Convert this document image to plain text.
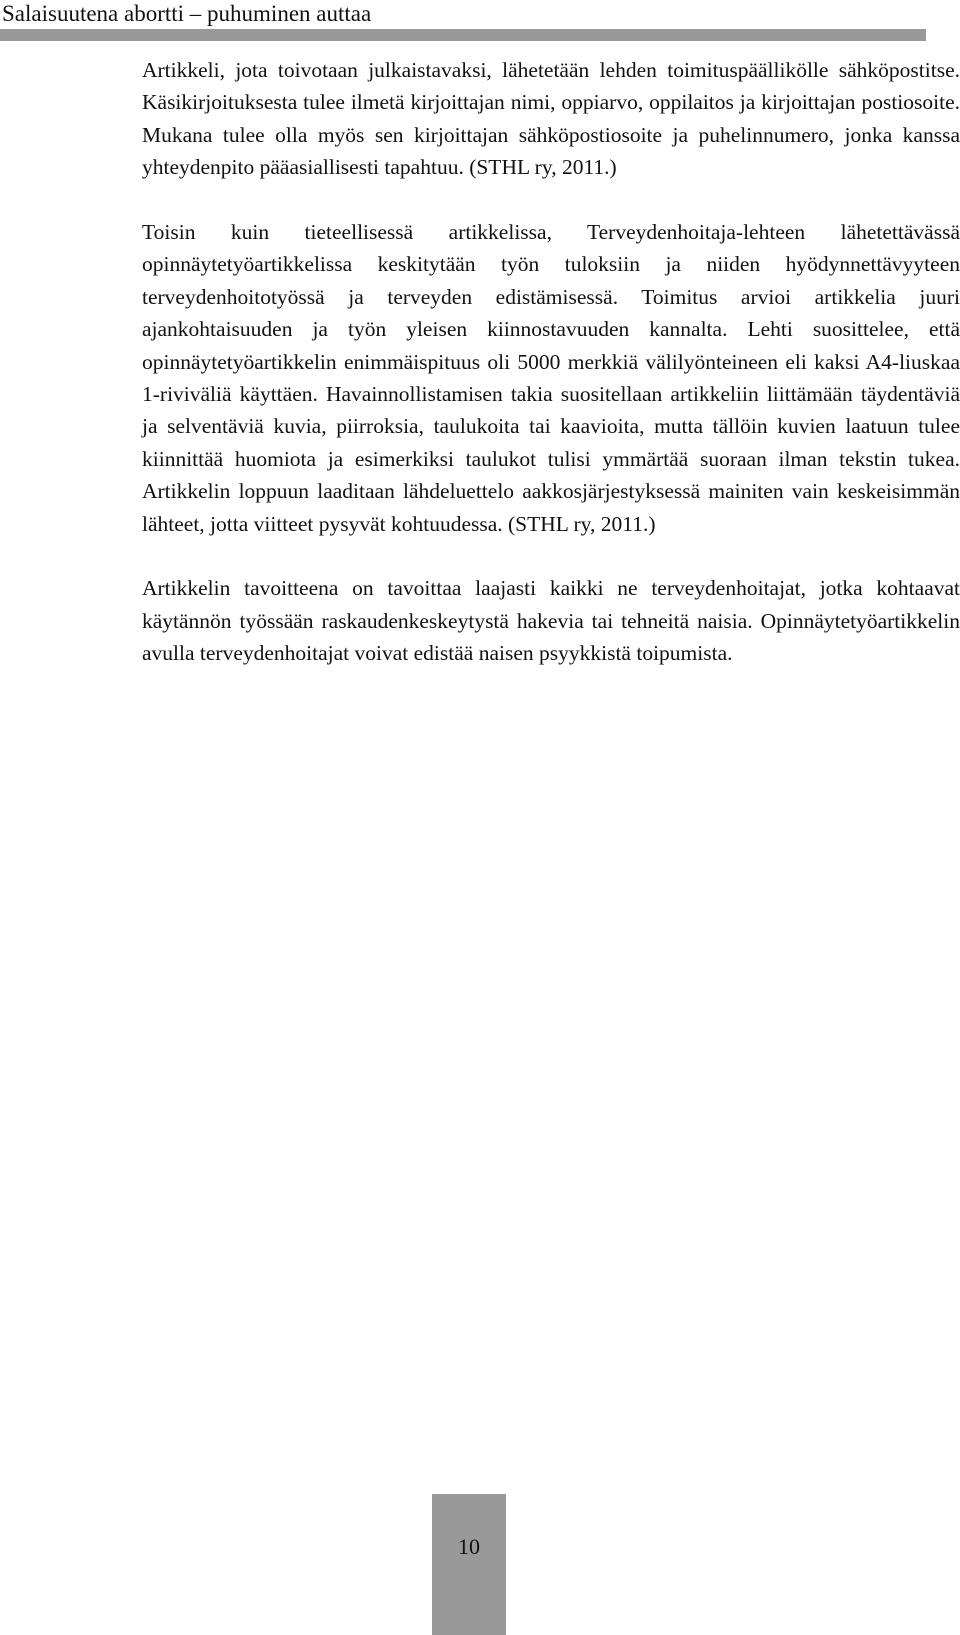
Salaisuutena abortti – puhuminen auttaa

Artikkeli, jota toivotaan julkaistavaksi, lähetetään lehden toimituspäällikölle sähköpostitse. Käsikirjoituksesta tulee ilmetä kirjoittajan nimi, oppiarvo, oppilaitos ja kirjoittajan postiosoite. Mukana tulee olla myös sen kirjoittajan sähköpostiosoite ja puhelinnumero, jonka kanssa yhteydenpito pääasiallisesti tapahtuu. (STHL ry, 2011.)

Toisin kuin tieteellisessä artikkelissa, Terveydenhoitaja-lehteen lähetettävässä opinnäytetyöartikkelissa keskitytään työn tuloksiin ja niiden hyödynnettävyyteen terveydenhoitotyössä ja terveyden edistämisessä. Toimitus arvioi artikkelia juuri ajankohtaisuuden ja työn yleisen kiinnostavuuden kannalta. Lehti suosittelee, että opinnäytetyöartikkelin enimmäispituus oli 5000 merkkiä välilyönteineen eli kaksi A4-liuskaa 1-riviväliä käyttäen. Havainnollistamisen takia suositellaan artikkeliin liittämään täydentäviä ja selventäviä kuvia, piirroksia, taulukoita tai kaavioita, mutta tällöin kuvien laatuun tulee kiinnittää huomiota ja esimerkiksi taulukot tulisi ymmärtää suoraan ilman tekstin tukea. Artikkelin loppuun laaditaan lähdeluettelo aakkosjärjestyksessä mainiten vain keskeisimmän lähteet, jotta viitteet pysyvät kohtuudessa. (STHL ry, 2011.)

Artikkelin tavoitteena on tavoittaa laajasti kaikki ne terveydenhoitajat, jotka kohtaavat käytännön työssään raskaudenkeskeytystä hakevia tai tehneitä naisia. Opinnäytetyöartikkelin avulla terveydenhoitajat voivat edistää naisen psyykkistä toipumista.

10
